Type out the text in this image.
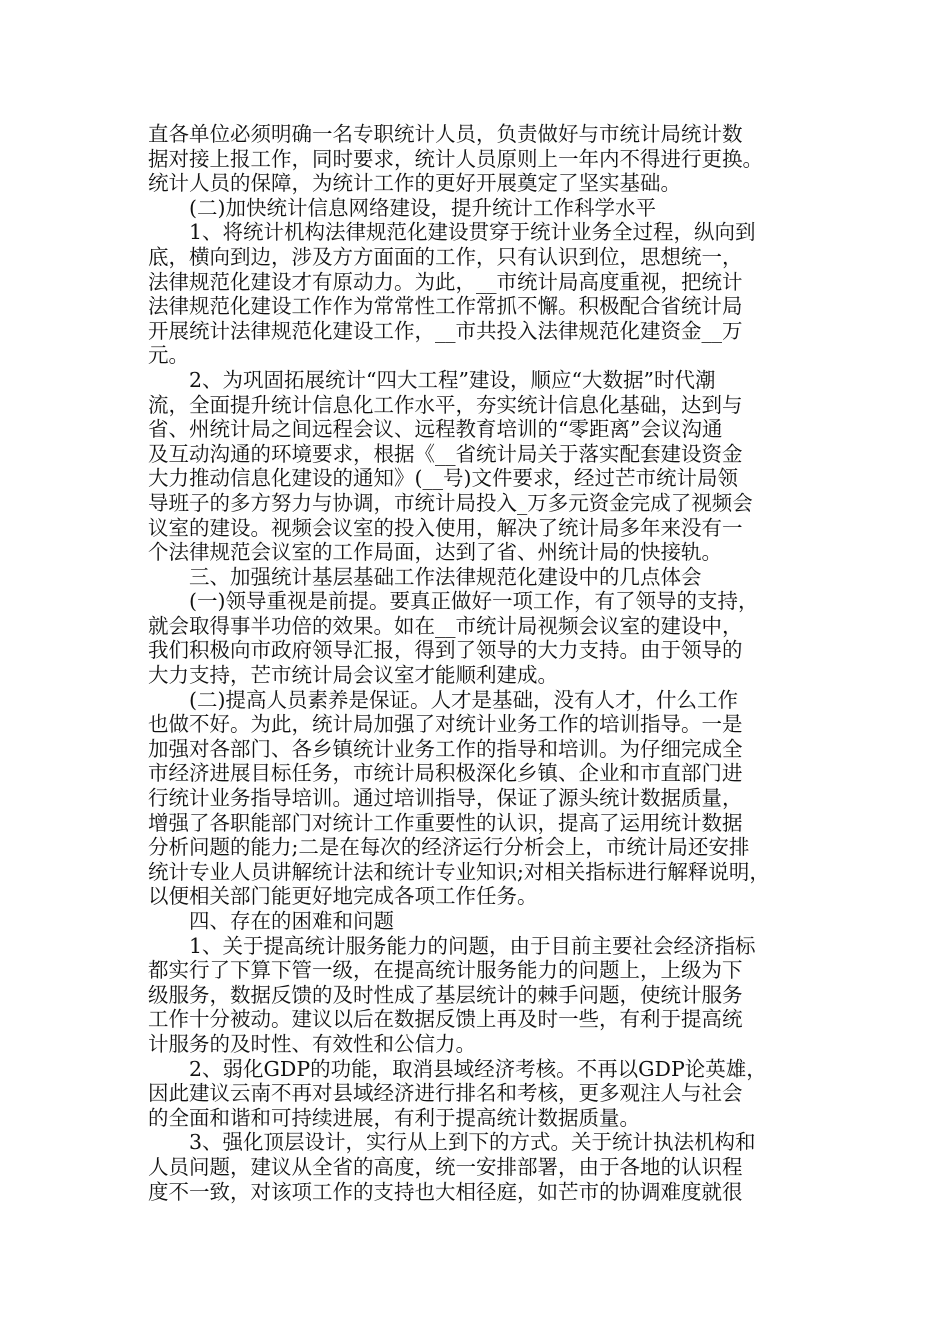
直各单位必须明确一名专职统计人员，负责做好与市统计局统计数
据对接上报工作，同时要求，统计人员原则上一年内不得进行更换。
统计人员的保障，为统计工作的更好开展奠定了坚实基础。
　　(二)加快统计信息网络建设，提升统计工作科学水平
　　1、将统计机构法律规范化建设贯穿于统计业务全过程，纵向到
底，横向到边，涉及方方面面的工作，只有认识到位，思想统一，
法律规范化建设才有原动力。为此，__市统计局高度重视，把统计
法律规范化建设工作作为常常性工作常抓不懈。积极配合省统计局
开展统计法律规范化建设工作，__市共投入法律规范化建资金__万
元。
　　2、为巩固拓展统计“四大工程”建设，顺应“大数据”时代潮
流，全面提升统计信息化工作水平，夯实统计信息化基础，达到与
省、州统计局之间远程会议、远程教育培训的“零距离”会议沟通
及互动沟通的环境要求，根据《__省统计局关于落实配套建设资金
大力推动信息化建设的通知》(__号)文件要求，经过芒市统计局领
导班子的多方努力与协调，市统计局投入_万多元资金完成了视频会
议室的建设。视频会议室的投入使用，解决了统计局多年来没有一
个法律规范会议室的工作局面，达到了省、州统计局的快接轨。
　　三、加强统计基层基础工作法律规范化建设中的几点体会
　　(一)领导重视是前提。要真正做好一项工作，有了领导的支持，
就会取得事半功倍的效果。如在__市统计局视频会议室的建设中，
我们积极向市政府领导汇报，得到了领导的大力支持。由于领导的
大力支持，芒市统计局会议室才能顺利建成。
　　(二)提高人员素养是保证。人才是基础，没有人才，什么工作
也做不好。为此，统计局加强了对统计业务工作的培训指导。一是
加强对各部门、各乡镇统计业务工作的指导和培训。为仔细完成全
市经济进展目标任务，市统计局积极深化乡镇、企业和市直部门进
行统计业务指导培训。通过培训指导，保证了源头统计数据质量，
增强了各职能部门对统计工作重要性的认识，提高了运用统计数据
分析问题的能力;二是在每次的经济运行分析会上，市统计局还安排
统计专业人员讲解统计法和统计专业知识;对相关指标进行解释说明，
以便相关部门能更好地完成各项工作任务。
　　四、存在的困难和问题
　　1、关于提高统计服务能力的问题，由于目前主要社会经济指标
都实行了下算下管一级，在提高统计服务能力的问题上，上级为下
级服务，数据反馈的及时性成了基层统计的棘手问题，使统计服务
工作十分被动。建议以后在数据反馈上再及时一些，有利于提高统
计服务的及时性、有效性和公信力。
　　2、弱化GDP的功能，取消县域经济考核。不再以GDP论英雄，
因此建议云南不再对县域经济进行排名和考核，更多观注人与社会
的全面和谐和可持续进展，有利于提高统计数据质量。
　　3、强化顶层设计，实行从上到下的方式。关于统计执法机构和
人员问题，建议从全省的高度，统一安排部署，由于各地的认识程
度不一致，对该项工作的支持也大相径庭，如芒市的协调难度就很
